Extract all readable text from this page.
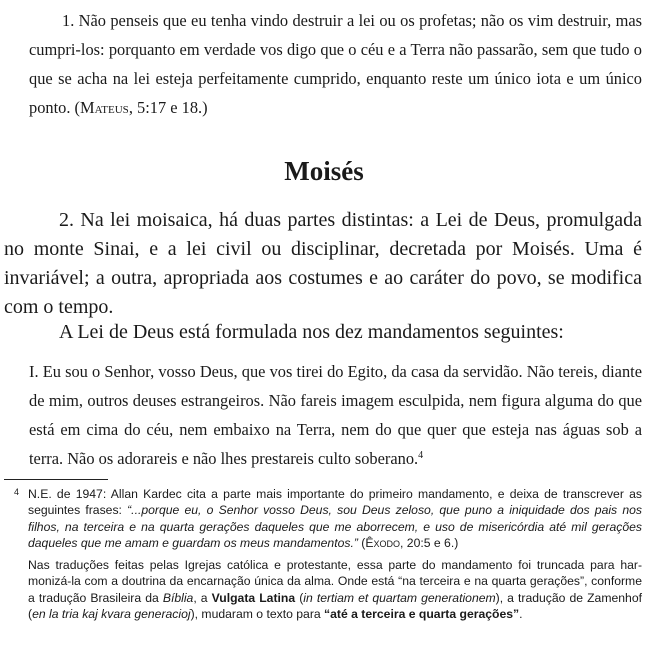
1. Não penseis que eu tenha vindo destruir a lei ou os profetas; não os vim destruir, mas cumpri-los: porquanto em verdade vos digo que o céu e a Terra não passarão, sem que tudo o que se acha na lei esteja perfeitamente cumprido, enquanto reste um único iota e um único ponto. (Mateus, 5:17 e 18.)

Moisés

2. Na lei moisaica, há duas partes distintas: a Lei de Deus, promulgada no monte Sinai, e a lei civil ou disciplinar, decretada por Moisés. Uma é invariável; a outra, apropriada aos costumes e ao caráter do povo, se modifica com o tempo.

A Lei de Deus está formulada nos dez mandamentos seguintes:

I. Eu sou o Senhor, vosso Deus, que vos tirei do Egito, da casa da servidão. Não tereis, diante de mim, outros deuses estrangeiros. Não fareis imagem esculpida, nem figura alguma do que está em cima do céu, nem embaixo na Terra, nem do que quer que esteja nas águas sob a terra. Não os adorareis e não lhes prestareis culto soberano.$^4$

4 N.E. de 1947: Allan Kardec cita a parte mais importante do primeiro mandamento, e deixa de transcrever as seguintes frases: “...porque eu, o Senhor vosso Deus, sou Deus zeloso, que puno a iniquidade dos pais nos filhos, na terceira e na quarta gerações daqueles que me aborrecem, e uso de misericórdia até mil gerações daqueles que me amam e guardam os meus mandamentos.” (Êxodo, 20:5 e 6.)

Nas traduções feitas pelas Igrejas católica e protestante, essa parte do mandamento foi truncada para harmonizá-la com a doutrina da encarnação única da alma. Onde está “na terceira e na quarta gerações”, conforme a tradução Brasileira da Bíblia, a Vulgata Latina (in tertiam et quartam generationem), a tradução de Zamenhof (en la tria kaj kvara generacioj), mudaram o texto para “até a terceira e quarta gerações”.
